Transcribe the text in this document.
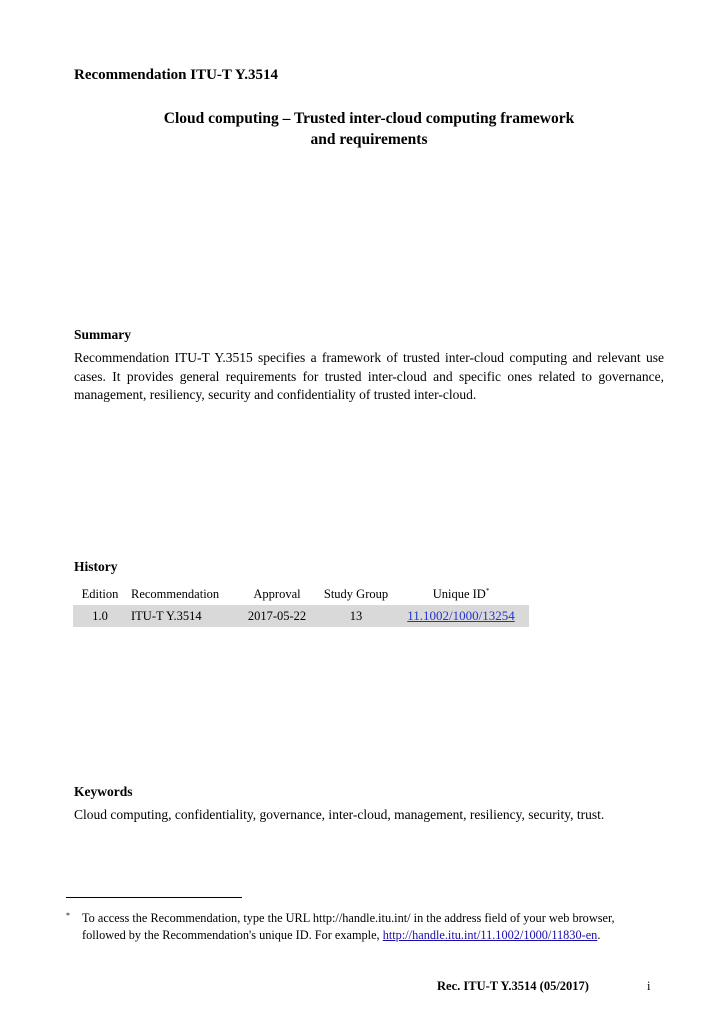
Recommendation ITU-T Y.3514
Cloud computing – Trusted inter-cloud computing framework
and requirements
Summary
Recommendation ITU-T Y.3515 specifies a framework of trusted inter-cloud computing and relevant use cases. It provides general requirements for trusted inter-cloud and specific ones related to governance, management, resiliency, security and confidentiality of trusted inter-cloud.
History
Edition	Recommendation	Approval	Study Group	Unique ID*
1.0	ITU-T Y.3514	2017-05-22	13	11.1002/1000/13254
Keywords
Cloud computing, confidentiality, governance, inter-cloud, management, resiliency, security, trust.
* To access the Recommendation, type the URL http://handle.itu.int/ in the address field of your web browser, followed by the Recommendation's unique ID. For example, http://handle.itu.int/11.1002/1000/11830-en.
Rec. ITU-T Y.3514 (05/2017)	i
